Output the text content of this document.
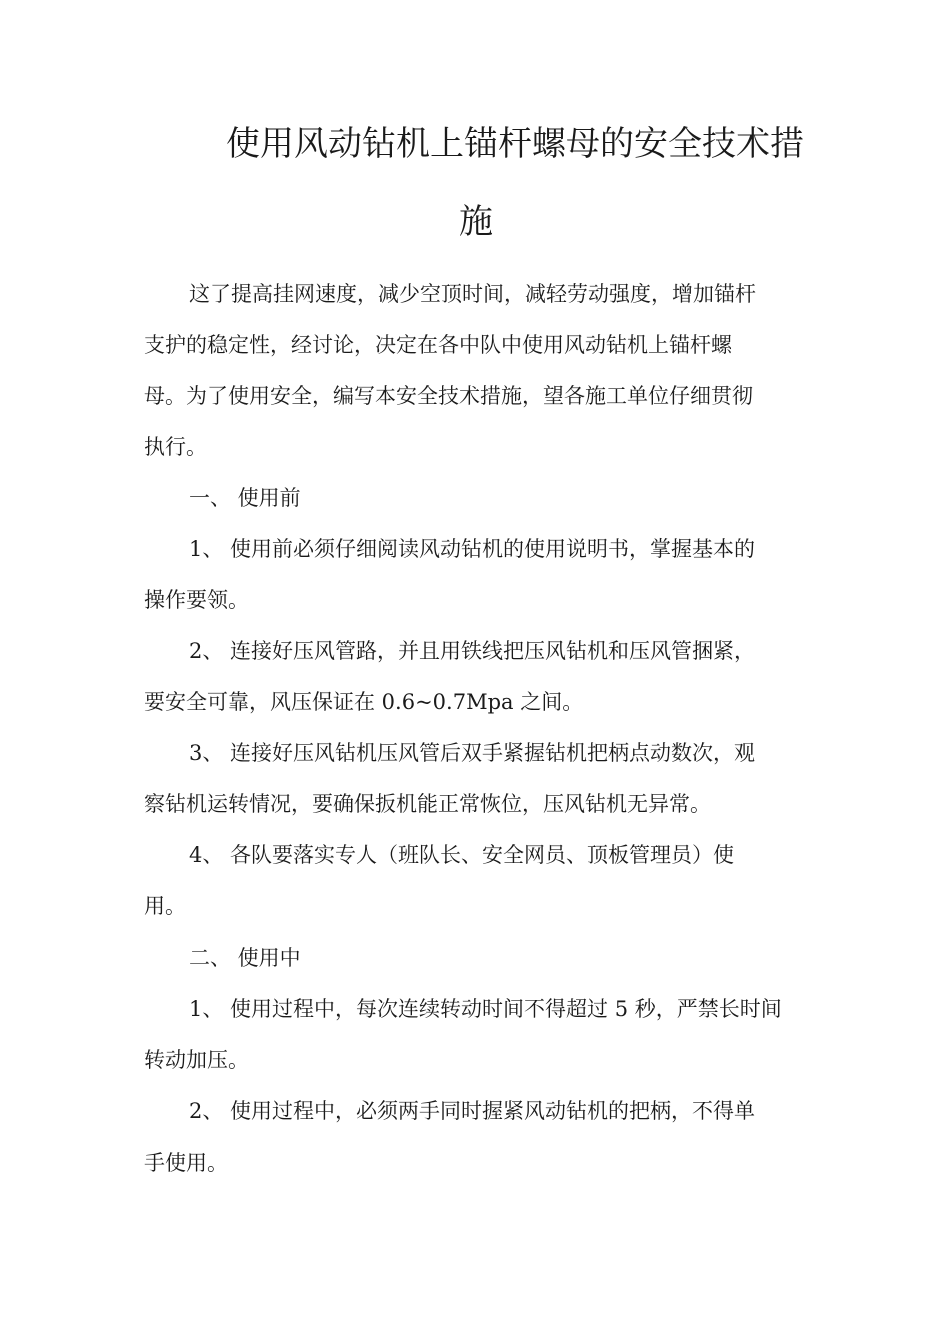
使用风动钻机上锚杆螺母的安全技术措
施
这了提高挂网速度，减少空顶时间，减轻劳动强度，增加锚杆
支护的稳定性，经讨论，决定在各中队中使用风动钻机上锚杆螺
母。为了使用安全，编写本安全技术措施，望各施工单位仔细贯彻
执行。
一、 使用前
1、 使用前必须仔细阅读风动钻机的使用说明书，掌握基本的
操作要领。
2、 连接好压风管路，并且用铁线把压风钻机和压风管捆紧，
要安全可靠，风压保证在 0.6~0.7Mpa 之间。
3、 连接好压风钻机压风管后双手紧握钻机把柄点动数次，观
察钻机运转情况，要确保扳机能正常恢位，压风钻机无异常。
4、 各队要落实专人（班队长、安全网员、顶板管理员）使
用。
二、 使用中
1、 使用过程中，每次连续转动时间不得超过 5 秒，严禁长时间
转动加压。
2、 使用过程中，必须两手同时握紧风动钻机的把柄，不得单
手使用。
